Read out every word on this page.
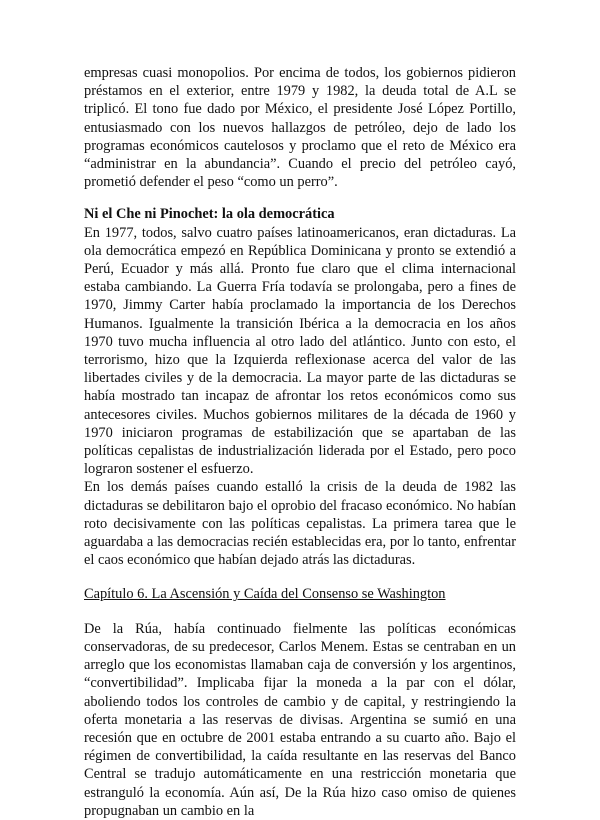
empresas cuasi monopolios. Por encima de todos, los gobiernos pidieron préstamos en el exterior, entre 1979 y 1982, la deuda total de A.L se triplicó. El tono fue dado por México, el presidente José López Portillo, entusiasmado con los nuevos hallazgos de petróleo, dejo de lado los programas económicos cautelosos y proclamo que el reto de México era “administrar en la abundancia”. Cuando el precio del petróleo cayó, prometió defender el peso “como un perro”.

Ni el Che ni Pinochet: la ola democrática

En 1977, todos, salvo cuatro países latinoamericanos, eran dictaduras. La ola democrática empezó en República Dominicana y pronto se extendió a Perú, Ecuador y más allá. Pronto fue claro que el clima internacional estaba cambiando. La Guerra Fría todavía se prolongaba, pero a fines de 1970, Jimmy Carter había proclamado la importancia de los Derechos Humanos. Igualmente la transición Ibérica a la democracia en los años 1970 tuvo mucha influencia al otro lado del atlántico. Junto con esto, el terrorismo, hizo que la Izquierda reflexionase acerca del valor de las libertades civiles y de la democracia. La mayor parte de las dictaduras se había mostrado tan incapaz de afrontar los retos económicos como sus antecesores civiles. Muchos gobiernos militares de la década de 1960 y 1970 iniciaron programas de estabilización que se apartaban de las políticas cepalistas de industrialización liderada por el Estado, pero poco lograron sostener el esfuerzo.

En los demás países cuando estalló la crisis de la deuda de 1982 las dictaduras se debilitaron bajo el oprobio del fracaso económico. No habían roto decisivamente con las políticas cepalistas. La primera tarea que le aguardaba a las democracias recién establecidas era, por lo tanto, enfrentar el caos económico que habían dejado atrás las dictaduras.

Capítulo 6. La Ascensión y Caída del Consenso se Washington

De la Rúa, había continuado fielmente las políticas económicas conservadoras, de su predecesor, Carlos Menem. Estas se centraban en un arreglo que los economistas llamaban caja de conversión y los argentinos, “convertibilidad”. Implicaba fijar la moneda a la par con el dólar, aboliendo todos los controles de cambio y de capital, y restringiendo la oferta monetaria a las reservas de divisas. Argentina se sumió en una recesión que en octubre de 2001 estaba entrando a su cuarto año. Bajo el régimen de convertibilidad, la caída resultante en las reservas del Banco Central se tradujo automáticamente en una restricción monetaria que estranguló la economía. Aún así, De la Rúa hizo caso omiso de quienes propugnaban un cambio en la
